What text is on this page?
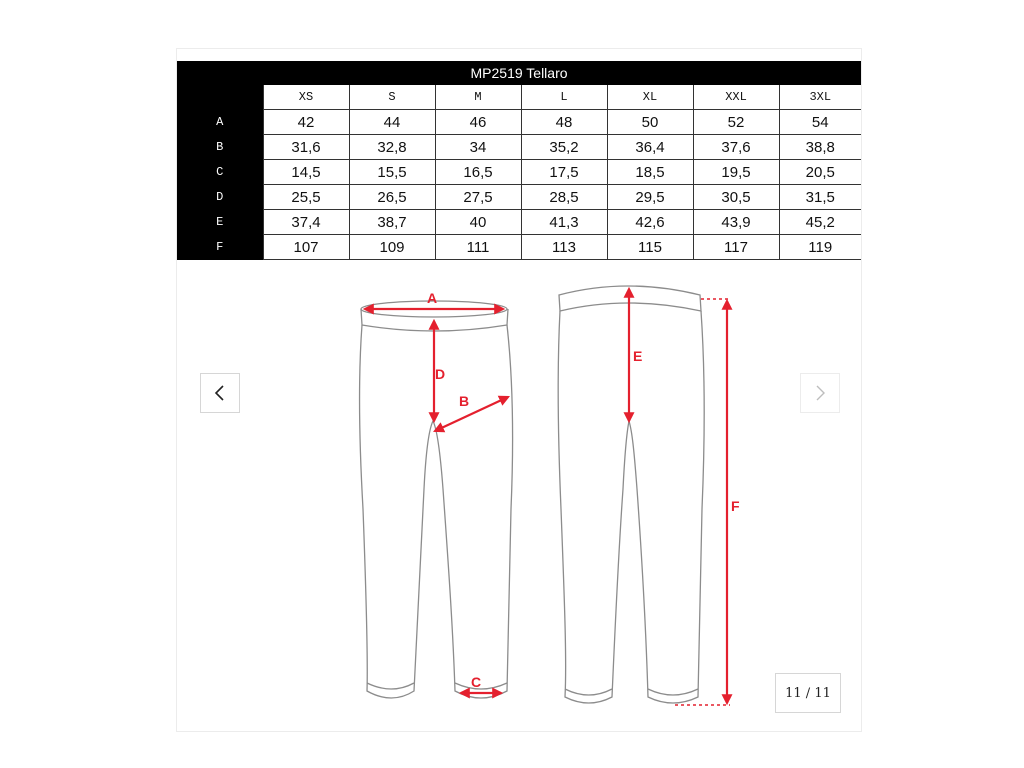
MP2519 Tellaro							
	XS	S	M	L	XL	XXL	3XL
A	42	44	46	48	50	52	54
B	31,6	32,8	34	35,2	36,4	37,6	38,8
C	14,5	15,5	16,5	17,5	18,5	19,5	20,5
D	25,5	26,5	27,5	28,5	29,5	30,5	31,5
E	37,4	38,7	40	41,3	42,6	43,9	45,2
F	107	109	111	113	115	117	119
A
D
B
C
E
F
11 / 11
